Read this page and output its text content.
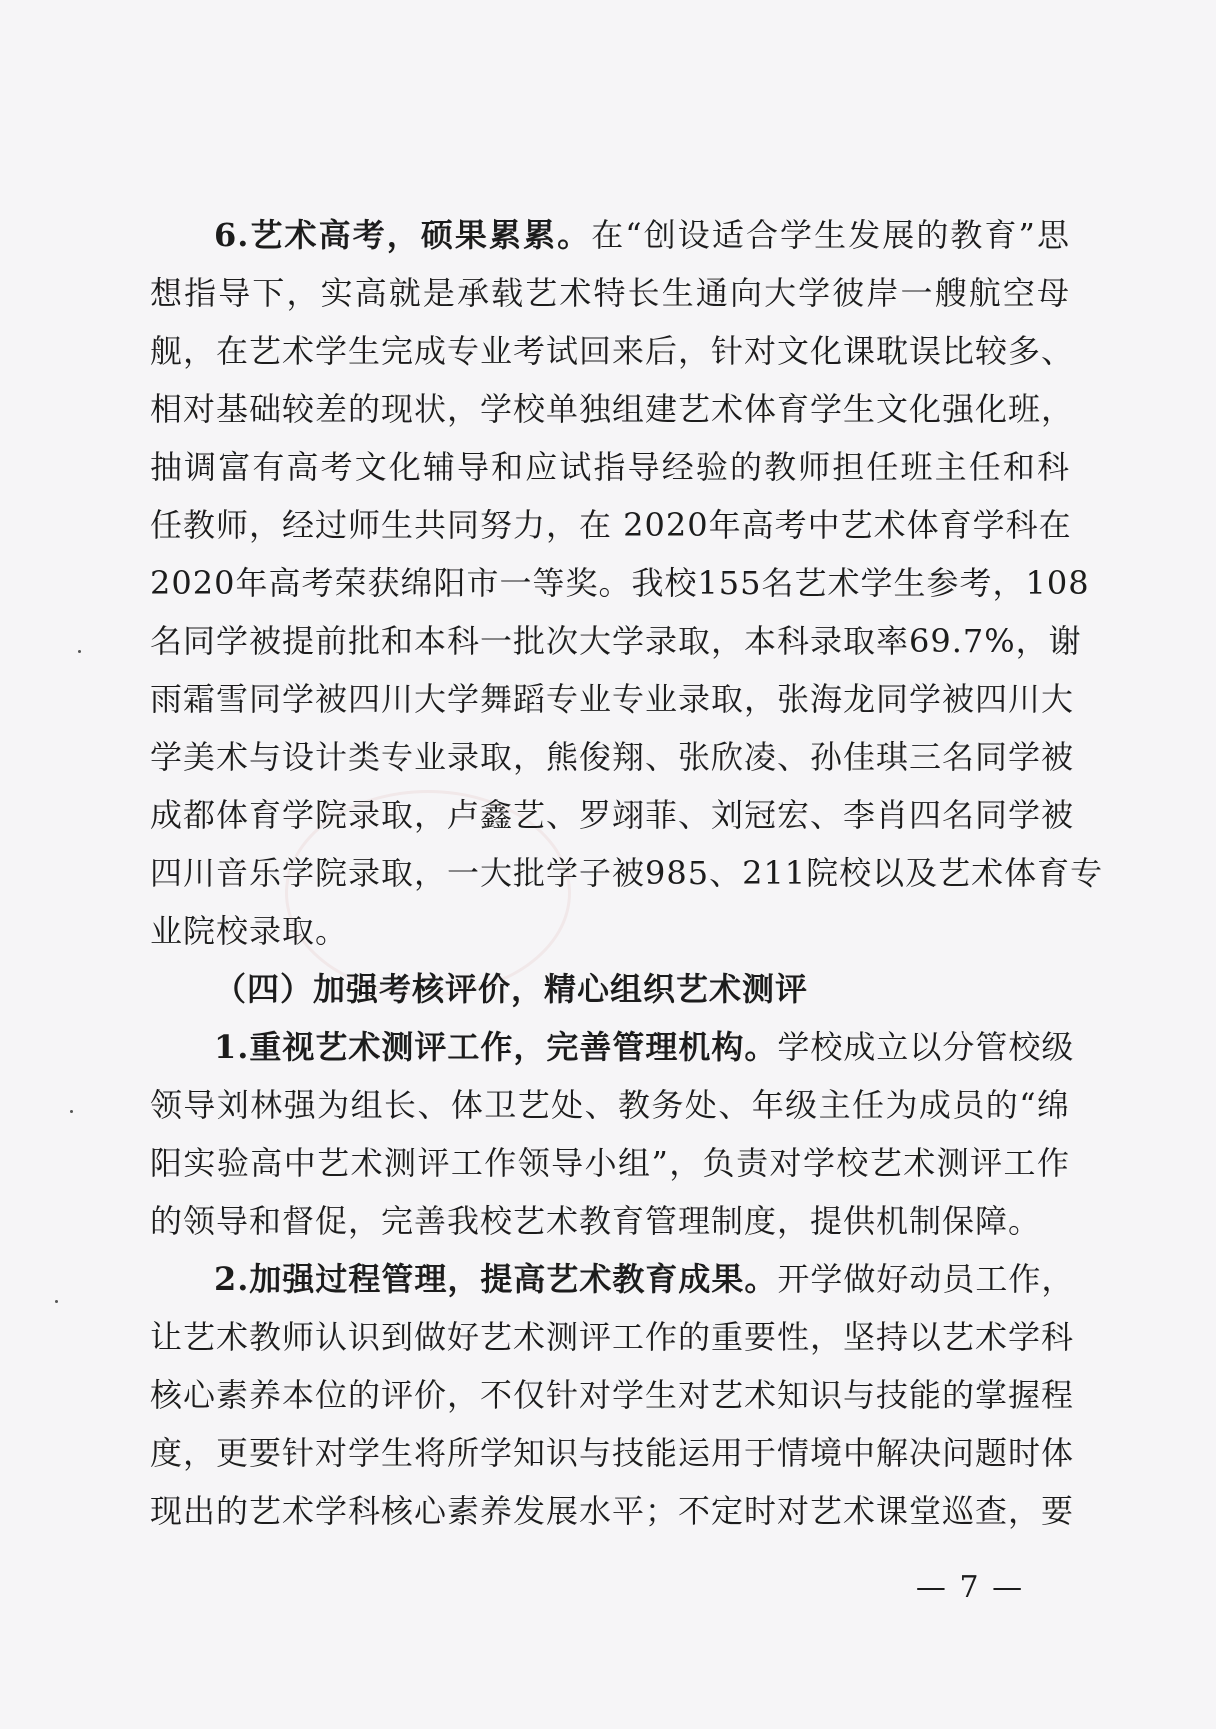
6.艺术高考，硕果累累。在“创设适合学生发展的教育”思
想指导下，实高就是承载艺术特长生通向大学彼岸一艘航空母
舰，在艺术学生完成专业考试回来后，针对文化课耽误比较多、
相对基础较差的现状，学校单独组建艺术体育学生文化强化班，
抽调富有高考文化辅导和应试指导经验的教师担任班主任和科
任教师，经过师生共同努力，在 2020年高考中艺术体育学科在
2020年高考荣获绵阳市一等奖。我校155名艺术学生参考，108
名同学被提前批和本科一批次大学录取，本科录取率69.7%，谢
雨霜雪同学被四川大学舞蹈专业专业录取，张海龙同学被四川大
学美术与设计类专业录取，熊俊翔、张欣凌、孙佳琪三名同学被
成都体育学院录取，卢鑫艺、罗翊菲、刘冠宏、李肖四名同学被
四川音乐学院录取，一大批学子被985、211院校以及艺术体育专
业院校录取。
（四）加强考核评价，精心组织艺术测评
1.重视艺术测评工作，完善管理机构。学校成立以分管校级
领导刘林强为组长、体卫艺处、教务处、年级主任为成员的“绵
阳实验高中艺术测评工作领导小组”，负责对学校艺术测评工作
的领导和督促，完善我校艺术教育管理制度，提供机制保障。
2.加强过程管理，提高艺术教育成果。开学做好动员工作，
让艺术教师认识到做好艺术测评工作的重要性，坚持以艺术学科
核心素养本位的评价，不仅针对学生对艺术知识与技能的掌握程
度，更要针对学生将所学知识与技能运用于情境中解决问题时体
现出的艺术学科核心素养发展水平；不定时对艺术课堂巡查，要
— 7 —
